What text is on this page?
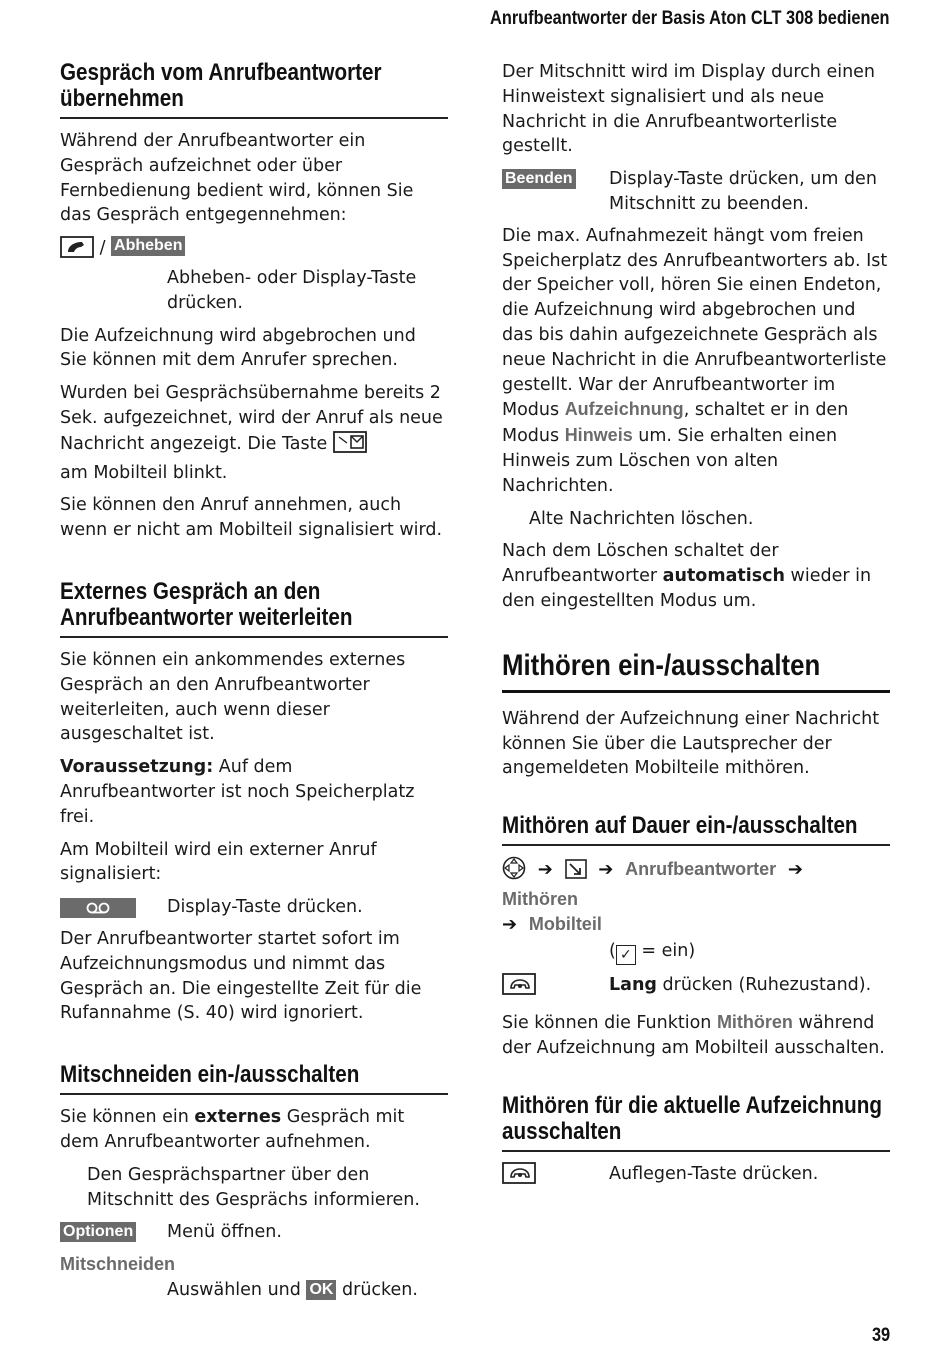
Anrufbeantworter der Basis Aton CLT 308 bedienen
Gespräch vom Anrufbeantworter übernehmen

Während der Anrufbeantworter ein Gespräch aufzeichnet oder über Fernbedienung bedient wird, können Sie das Gespräch entgegennehmen:

/ Abheben
Abheben- oder Display-Taste drücken.

Die Aufzeichnung wird abgebrochen und Sie können mit dem Anrufer sprechen.

Wurden bei Gesprächsübernahme bereits 2 Sek. aufgezeichnet, wird der Anruf als neue Nachricht angezeigt. Die Taste
am Mobilteil blinkt.

Sie können den Anruf annehmen, auch wenn er nicht am Mobilteil signalisiert wird.

Externes Gespräch an den Anrufbeantworter weiterleiten

Sie können ein ankommendes externes Gespräch an den Anrufbeantworter weiterleiten, auch wenn dieser ausgeschaltet ist.

Voraussetzung: Auf dem Anrufbeantworter ist noch Speicherplatz frei.

Am Mobilteil wird ein externer Anruf signalisiert:

Display-Taste drücken.

Der Anrufbeantworter startet sofort im Aufzeichnungsmodus und nimmt das Gespräch an. Die eingestellte Zeit für die Rufannahme (S. 40) wird ignoriert.

Mitschneiden ein-/ausschalten

Sie können ein externes Gespräch mit dem Anrufbeantworter aufnehmen.

Den Gesprächspartner über den Mitschnitt des Gesprächs informieren.
Optionen	Menü öffnen.
Mitschneiden
Auswählen und OK drücken.

Der Mitschnitt wird im Display durch einen Hinweistext signalisiert und als neue Nachricht in die Anrufbeantworterliste gestellt.

Beenden	Display-Taste drücken, um den Mitschnitt zu beenden.

Die max. Aufnahmezeit hängt vom freien Speicherplatz des Anrufbeantworters ab. Ist der Speicher voll, hören Sie einen Endeton, die Aufzeichnung wird abgebrochen und das bis dahin aufgezeichnete Gespräch als neue Nachricht in die Anrufbeantworterliste gestellt. War der Anrufbeantworter im Modus Aufzeichnung, schaltet er in den Modus Hinweis um. Sie erhalten einen Hinweis zum Löschen von alten Nachrichten.

Alte Nachrichten löschen.

Nach dem Löschen schaltet der Anrufbeantworter automatisch wieder in den eingestellten Modus um.

Mithören ein-/ausschalten

Während der Aufzeichnung einer Nachricht können Sie über die Lautsprecher der angemeldeten Mobilteile mithören.

Mithören auf Dauer ein-/ausschalten
➔	➔ Anrufbeantworter ➔ Mithören
➔ Mobilteil
( ✓ = ein)
Lang drücken (Ruhezustand).

Sie können die Funktion Mithören während der Aufzeichnung am Mobilteil ausschalten.

Mithören für die aktuelle Aufzeichnung ausschalten
Auflegen-Taste drücken.
39
